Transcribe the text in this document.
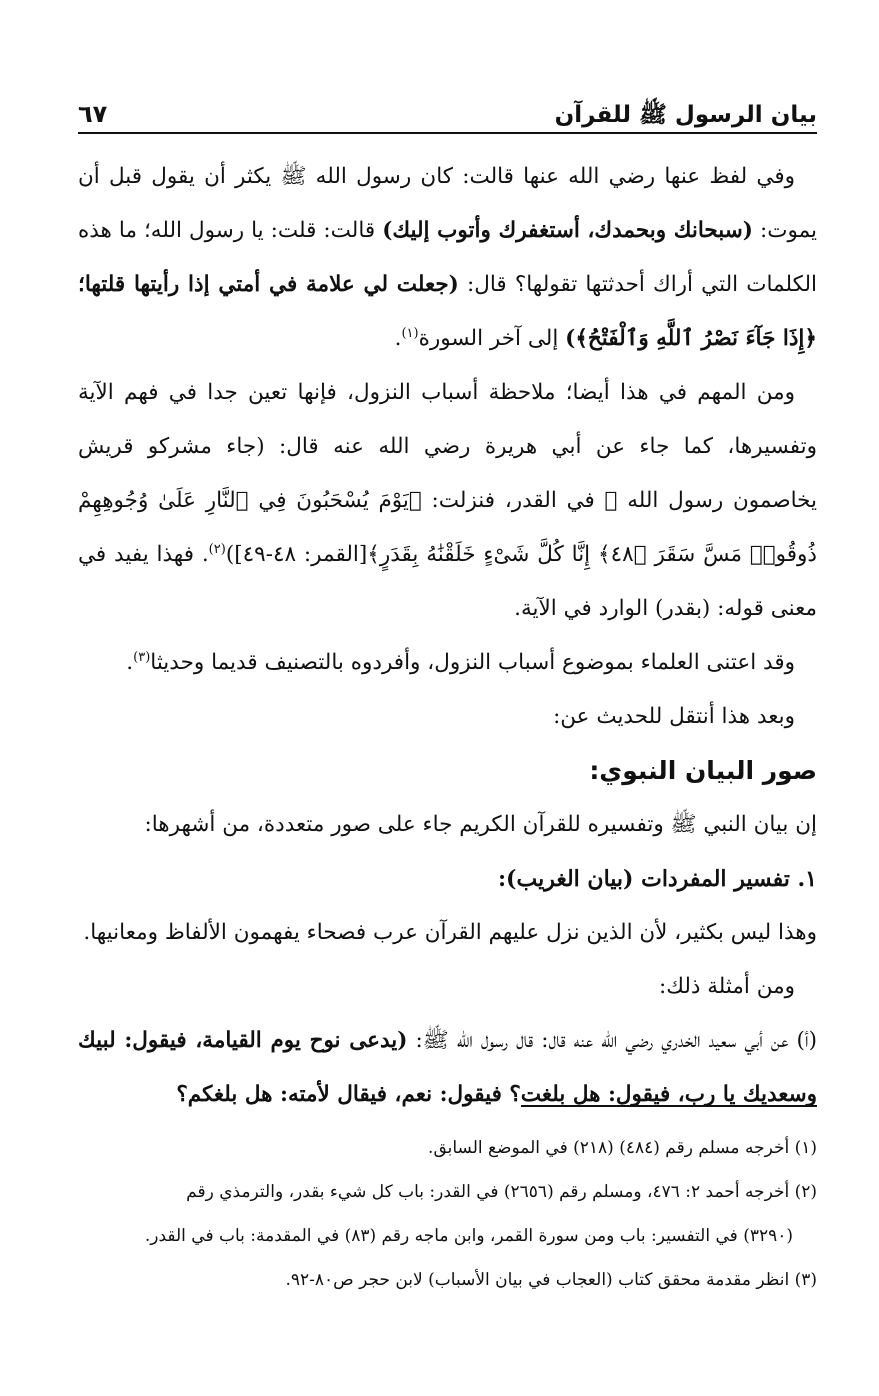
بيان الرسول ﷺ للقرآن
٦٧

وفي لفظ عنها رضي الله عنها قالت: كان رسول الله ﷺ يكثر أن يقول قبل أن يموت: (سبحانك وبحمدك، أستغفرك وأتوب إليك) قالت: قلت: يا رسول الله؛ ما هذه الكلمات التي أراك أحدثتها تقولها؟ قال: (جعلت لي علامة في أمتي إذا رأيتها قلتها؛ ﴿إِذَا جَآءَ نَصْرُ ٱللَّهِ وَٱلْفَتْحُ﴾) إلى آخر السورة$^{(١)}$.

ومن المهم في هذا أيضا؛ ملاحظة أسباب النزول، فإنها تعين جدا في فهم الآية وتفسيرها، كما جاء عن أبي هريرة رضي الله عنه قال: (جاء مشركو قريش يخاصمون رسول الله ﷺ في القدر، فنزلت: ﴿يَوْمَ يُسْحَبُونَ فِي ٱلنَّارِ عَلَىٰ وُجُوهِهِمْ ذُوقُوا۟ مَسَّ سَقَرَ ﴿٤٨﴾ إِنَّا كُلَّ شَىْءٍ خَلَقْنَٰهُ بِقَدَرٍ﴾[القمر: ٤٨-٤٩])$^{(٢)}$. فهذا يفيد في معنى قوله: (بقدر) الوارد في الآية.

وقد اعتنى العلماء بموضوع أسباب النزول، وأفردوه بالتصنيف قديما وحديثا$^{(٣)}$.

وبعد هذا أنتقل للحديث عن:

صور البيان النبوي:

إن بيان النبي ﷺ وتفسيره للقرآن الكريم جاء على صور متعددة، من أشهرها:

١. تفسير المفردات (بيان الغريب):

وهذا ليس بكثير، لأن الذين نزل عليهم القرآن عرب فصحاء يفهمون الألفاظ ومعانيها.

ومن أمثلة ذلك:

(أ) عن أبي سعيد الخدري رضي الله عنه قال: قال رسول الله ﷺ: (يدعى نوح يوم القيامة، فيقول: لبيك وسعديك يا رب، فيقول: هل بلغت؟ فيقول: نعم، فيقال لأمته: هل بلغكم؟

(١) أخرجه مسلم رقم (٤٨٤) (٢١٨) في الموضع السابق.

(٢) أخرجه أحمد ٢: ٤٧٦، ومسلم رقم (٢٦٥٦) في القدر: باب كل شيء بقدر، والترمذي رقم

(٣٢٩٠) في التفسير: باب ومن سورة القمر، وابن ماجه رقم (٨٣) في المقدمة: باب في القدر.

(٣) انظر مقدمة محقق كتاب (العجاب في بيان الأسباب) لابن حجر ص٨٠-٩٢.
